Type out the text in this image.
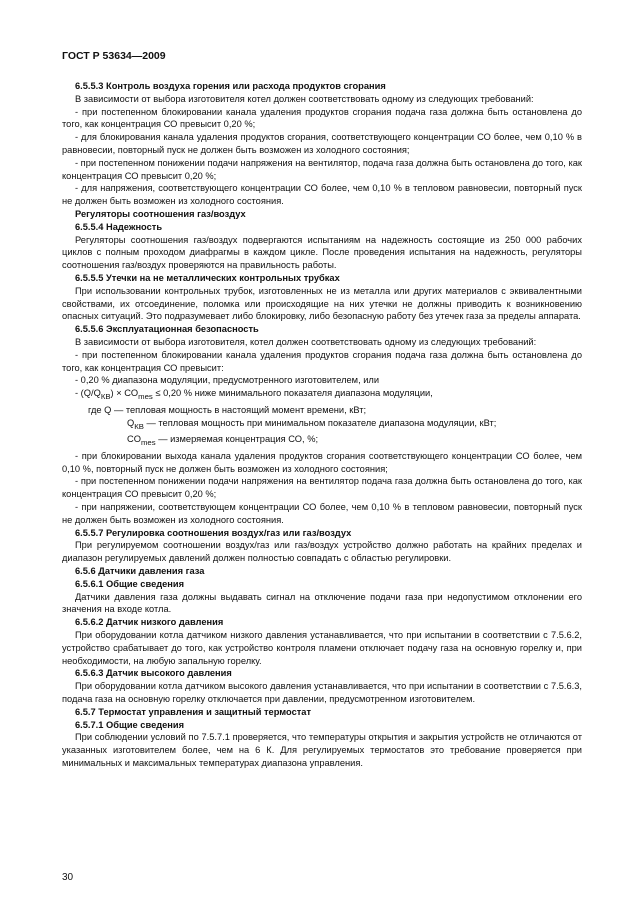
ГОСТ Р 53634—2009

6.5.5.3 Контроль воздуха горения или расхода продуктов сгорания

В зависимости от выбора изготовителя котел должен соответствовать одному из следующих требований:

- при постепенном блокировании канала удаления продуктов сгорания подача газа должна быть остановлена до того, как концентрация СО превысит 0,20 %;

- для блокирования канала удаления продуктов сгорания, соответствующего концентрации СО более, чем 0,10 % в равновесии, повторный пуск не должен быть возможен из холодного состояния;

- при постепенном понижении подачи напряжения на вентилятор, подача газа должна быть остановлена до того, как концентрация СО превысит 0,20 %;

- для напряжения, соответствующего концентрации СО более, чем 0,10 % в тепловом равновесии, повторный пуск не должен быть возможен из холодного состояния.

Регуляторы соотношения газ/воздух

6.5.5.4 Надежность

Регуляторы соотношения газ/воздух подвергаются испытаниям на надежность состоящие из 250 000 рабочих циклов с полным проходом диафрагмы в каждом цикле. После проведения испытания на надежность, регуляторы соотношения газ/воздух проверяются на правильность работы.

6.5.5.5 Утечки на не металлических контрольных трубках

При использовании контрольных трубок, изготовленных не из металла или других материалов с эквивалентными свойствами, их отсоединение, поломка или происходящие на них утечки не должны приводить к возникновению опасных ситуаций. Это подразумевает либо блокировку, либо безопасную работу без утечек газа за пределы аппарата.

6.5.5.6 Эксплуатационная безопасность

В зависимости от выбора изготовителя, котел должен соответствовать одному из следующих требований:

- при постепенном блокировании канала удаления продуктов сгорания подача газа должна быть остановлена до того, как концентрация СО превысит:

- 0,20 % диапазона модуляции, предусмотренного изготовителем, или

- $(Q/Q_{КВ}) \times CO_{mes} \le 0,20$ % ниже минимального показателя диапазона модуляции,

где Q — тепловая мощность в настоящий момент времени, кВт;

$Q_{КВ}$ — тепловая мощность при минимальном показателе диапазона модуляции, кВт;

$CO_{mes}$ — измеряемая концентрация СО, %;

- при блокировании выхода канала удаления продуктов сгорания соответствующего концентрации СО более, чем 0,10 %, повторный пуск не должен быть возможен из холодного состояния;

- при постепенном понижении подачи напряжения на вентилятор подача газа должна быть остановлена до того, как концентрация СО превысит 0,20 %;

- при напряжении, соответствующем концентрации СО более, чем 0,10 % в тепловом равновесии, повторный пуск не должен быть возможен из холодного состояния.

6.5.5.7 Регулировка соотношения воздух/газ или газ/воздух

При регулируемом соотношении воздух/газ или газ/воздух устройство должно работать на крайних пределах и диапазон регулируемых давлений должен полностью совпадать с областью регулировки.

6.5.6 Датчики давления газа

6.5.6.1 Общие сведения

Датчики давления газа должны выдавать сигнал на отключение подачи газа при недопустимом отклонении его значения на входе котла.

6.5.6.2 Датчик низкого давления

При оборудовании котла датчиком низкого давления устанавливается, что при испытании в соответствии с 7.5.6.2, устройство срабатывает до того, как устройство контроля пламени отключает подачу газа на основную горелку и, при необходимости, на любую запальную горелку.

6.5.6.3 Датчик высокого давления

При оборудовании котла датчиком высокого давления устанавливается, что при испытании в соответствии с 7.5.6.3, подача газа на основную горелку отключается при давлении, предусмотренном изготовителем.

6.5.7 Термостат управления и защитный термостат

6.5.7.1 Общие сведения

При соблюдении условий по 7.5.7.1 проверяется, что температуры открытия и закрытия устройств не отличаются от указанных изготовителем более, чем на 6 К. Для регулируемых термостатов это требование проверяется при минимальных и максимальных температурах диапазона управления.

30
